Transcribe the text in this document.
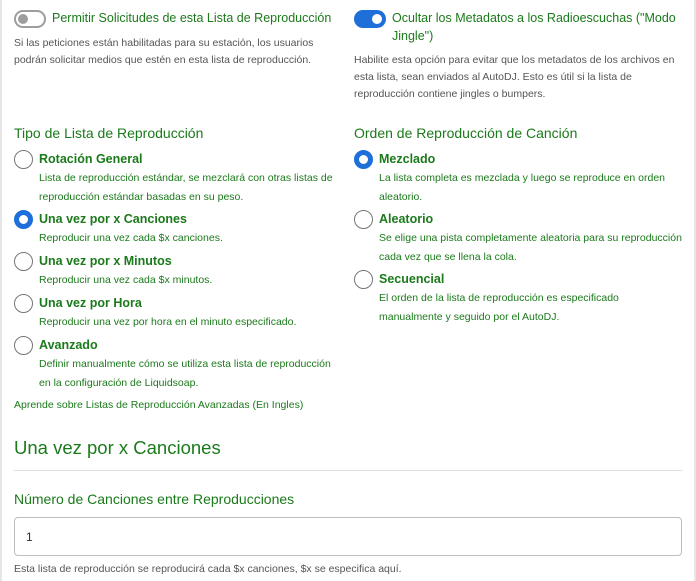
Permitir Solicitudes de esta Lista de Reproducción
Si las peticiones están habilitadas para su estación, los usuarios podrán solicitar medios que estén en esta lista de reproducción.
Ocultar los Metadatos a los Radioescuchas ("Modo Jingle")
Habilite esta opción para evitar que los metadatos de los archivos en esta lista, sean enviados al AutoDJ. Esto es útil si la lista de reproducción contiene jingles o bumpers.
Tipo de Lista de Reproducción
Rotación General
Lista de reproducción estándar, se mezclará con otras listas de reproducción estándar basadas en su peso.
Una vez por x Canciones
Reproducir una vez cada $x canciones.
Una vez por x Minutos
Reproducir una vez cada $x minutos.
Una vez por Hora
Reproducir una vez por hora en el minuto especificado.
Avanzado
Definir manualmente cómo se utiliza esta lista de reproducción en la configuración de Liquidsoap.
Aprende sobre Listas de Reproducción Avanzadas (En Ingles)
Orden de Reproducción de Canción
Mezclado
La lista completa es mezclada y luego se reproduce en orden aleatorio.
Aleatorio
Se elige una pista completamente aleatoria para su reproducción cada vez que se llena la cola.
Secuencial
El orden de la lista de reproducción es especificado manualmente y seguido por el AutoDJ.
Una vez por x Canciones
Número de Canciones entre Reproducciones
1
Esta lista de reproducción se reproducirá cada $x canciones, $x se especifica aquí.
